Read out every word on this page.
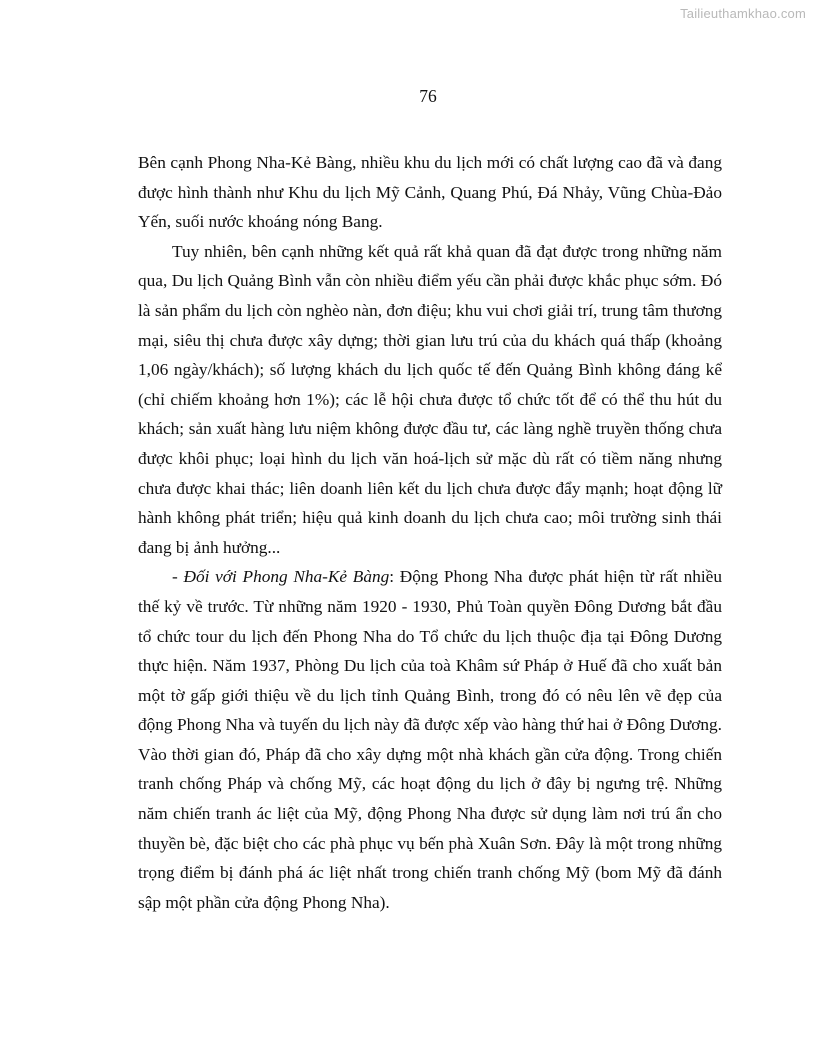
Tailieuthamkhao.com
76

Bên cạnh Phong Nha-Kẻ Bàng, nhiều khu du lịch mới có chất lượng cao đã và đang được hình thành như Khu du lịch Mỹ Cảnh, Quang Phú, Đá Nhảy, Vũng Chùa-Đảo Yến, suối nước khoáng nóng Bang.

Tuy nhiên, bên cạnh những kết quả rất khả quan đã đạt được trong những năm qua, Du lịch Quảng Bình vẫn còn nhiều điểm yếu cần phải được khắc phục sớm. Đó là sản phẩm du lịch còn nghèo nàn, đơn điệu; khu vui chơi giải trí, trung tâm thương mại, siêu thị chưa được xây dựng; thời gian lưu trú của du khách quá thấp (khoảng 1,06 ngày/khách); số lượng khách du lịch quốc tế đến Quảng Bình không đáng kể (chỉ chiếm khoảng hơn 1%); các lễ hội chưa được tổ chức tốt để có thể thu hút du khách; sản xuất hàng lưu niệm không được đầu tư, các làng nghề truyền thống chưa được khôi phục; loại hình du lịch văn hoá-lịch sử mặc dù rất có tiềm năng nhưng chưa được khai thác; liên doanh liên kết du lịch chưa được đẩy mạnh; hoạt động lữ hành không phát triển; hiệu quả kinh doanh du lịch chưa cao; môi trường sinh thái đang bị ảnh hưởng...

- Đối với Phong Nha-Kẻ Bàng: Động Phong Nha được phát hiện từ rất nhiều thế kỷ về trước. Từ những năm 1920 - 1930, Phủ Toàn quyền Đông Dương bắt đầu tổ chức tour du lịch đến Phong Nha do Tổ chức du lịch thuộc địa tại Đông Dương thực hiện. Năm 1937, Phòng Du lịch của toà Khâm sứ Pháp ở Huế đã cho xuất bản một tờ gấp giới thiệu về du lịch tỉnh Quảng Bình, trong đó có nêu lên vẽ đẹp của động Phong Nha và tuyến du lịch này đã được xếp vào hàng thứ hai ở Đông Dương. Vào thời gian đó, Pháp đã cho xây dựng một nhà khách gần cửa động. Trong chiến tranh chống Pháp và chống Mỹ, các hoạt động du lịch ở đây bị ngưng trệ. Những năm chiến tranh ác liệt của Mỹ, động Phong Nha được sử dụng làm nơi trú ẩn cho thuyền bè, đặc biệt cho các phà phục vụ bến phà Xuân Sơn. Đây là một trong những trọng điểm bị đánh phá ác liệt nhất trong chiến tranh chống Mỹ (bom Mỹ đã đánh sập một phần cửa động Phong Nha).
